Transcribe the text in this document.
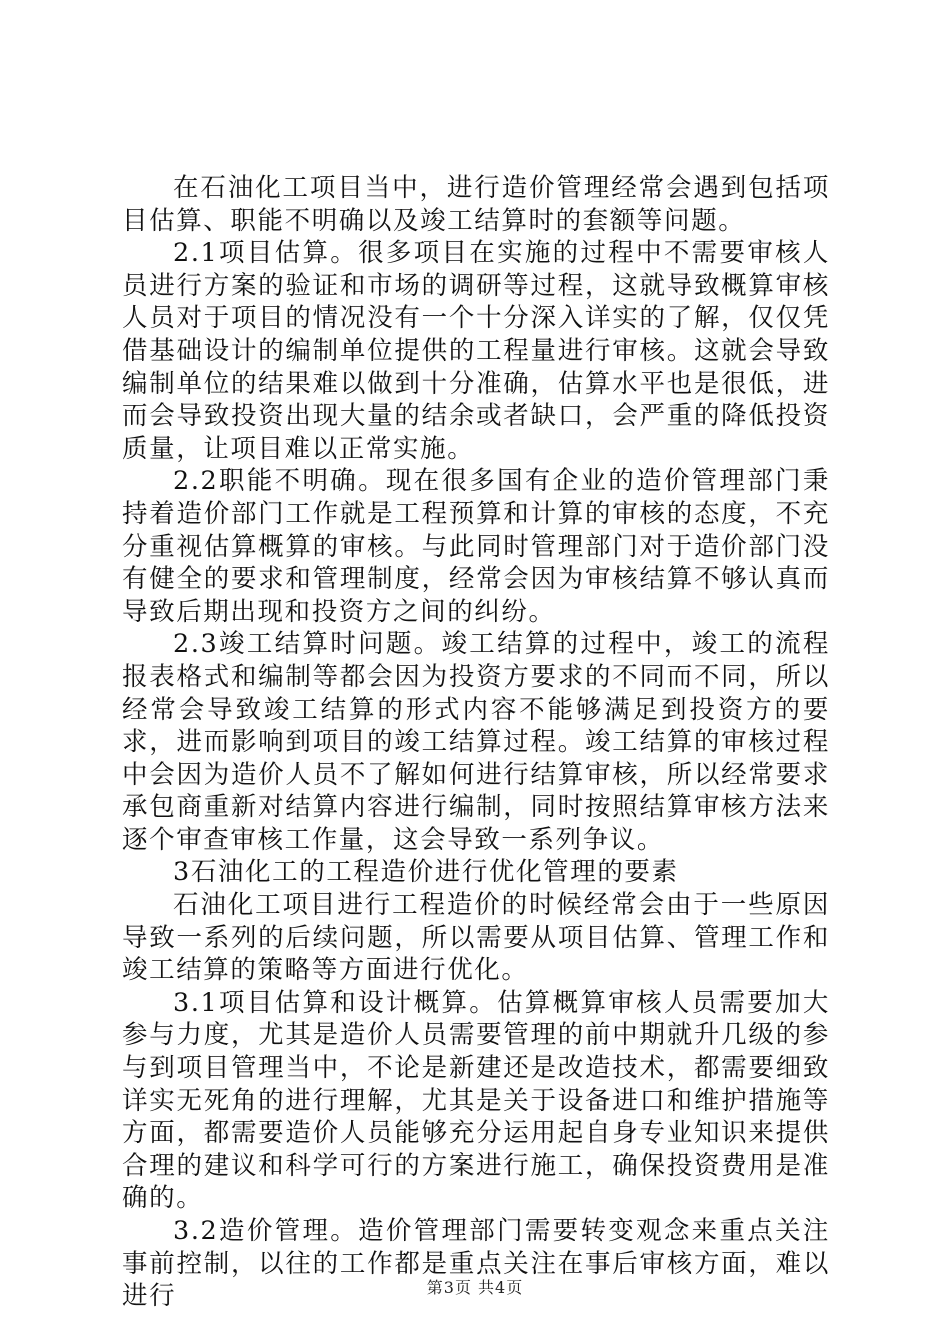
在石油化工项目当中，进行造价管理经常会遇到包括项目估算、职能不明确以及竣工结算时的套额等问题。

2.1项目估算。很多项目在实施的过程中不需要审核人员进行方案的验证和市场的调研等过程，这就导致概算审核人员对于项目的情况没有一个十分深入详实的了解，仅仅凭借基础设计的编制单位提供的工程量进行审核。这就会导致编制单位的结果难以做到十分准确，估算水平也是很低，进而会导致投资出现大量的结余或者缺口，会严重的降低投资质量，让项目难以正常实施。

2.2职能不明确。现在很多国有企业的造价管理部门秉持着造价部门工作就是工程预算和计算的审核的态度，不充分重视估算概算的审核。与此同时管理部门对于造价部门没有健全的要求和管理制度，经常会因为审核结算不够认真而导致后期出现和投资方之间的纠纷。

2.3竣工结算时问题。竣工结算的过程中，竣工的流程报表格式和编制等都会因为投资方要求的不同而不同，所以经常会导致竣工结算的形式内容不能够满足到投资方的要求，进而影响到项目的竣工结算过程。竣工结算的审核过程中会因为造价人员不了解如何进行结算审核，所以经常要求承包商重新对结算内容进行编制，同时按照结算审核方法来逐个审查审核工作量，这会导致一系列争议。

3石油化工的工程造价进行优化管理的要素

石油化工项目进行工程造价的时候经常会由于一些原因导致一系列的后续问题，所以需要从项目估算、管理工作和竣工结算的策略等方面进行优化。

3.1项目估算和设计概算。估算概算审核人员需要加大参与力度，尤其是造价人员需要管理的前中期就升几级的参与到项目管理当中，不论是新建还是改造技术，都需要细致详实无死角的进行理解，尤其是关于设备进口和维护措施等方面，都需要造价人员能够充分运用起自身专业知识来提供合理的建议和科学可行的方案进行施工，确保投资费用是准确的。

3.2造价管理。造价管理部门需要转变观念来重点关注事前控制，以往的工作都是重点关注在事后审核方面，难以进行	第3页 共4页
